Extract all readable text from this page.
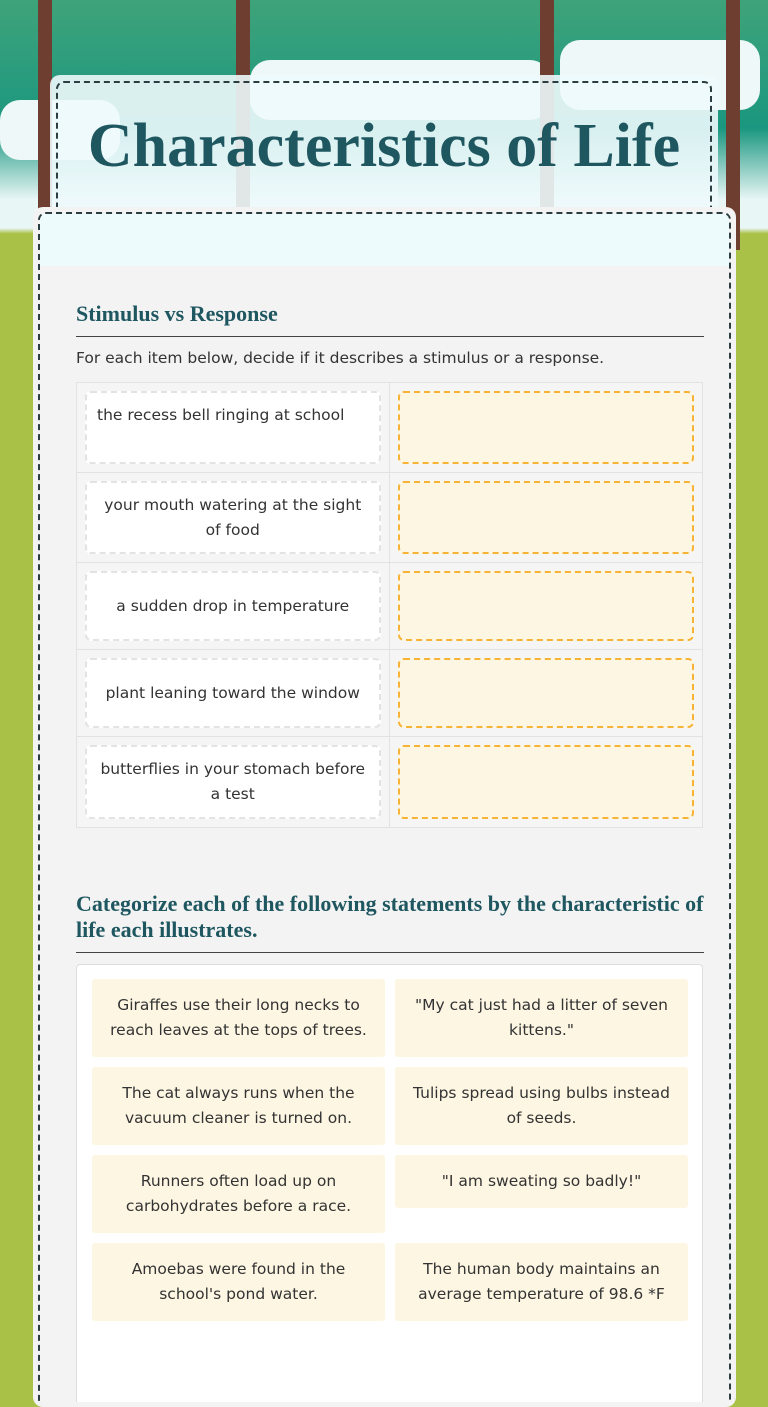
Characteristics of Life
Stimulus vs Response

For each item below, decide if it describes a stimulus or a response.

the recess bell ringing at school
your mouth watering at the sight of food
a sudden drop in temperature
plant leaning toward the window
butterflies in your stomach before a test
Categorize each of the following statements by the characteristic of life each illustrates.
Giraffes use their long necks to reach leaves at the tops of trees.
"My cat just had a litter of seven kittens."
The cat always runs when the vacuum cleaner is turned on.
Tulips spread using bulbs instead of seeds.
Runners often load up on carbohydrates before a race.
"I am sweating so badly!"
Amoebas were found in the school's pond water.
The human body maintains an average temperature of 98.6 *F
